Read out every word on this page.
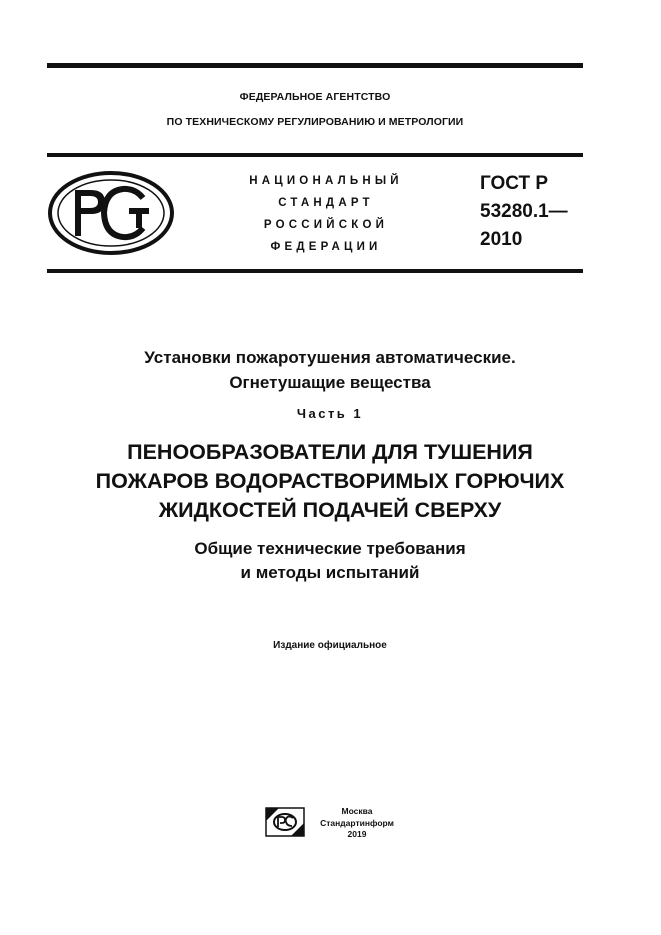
ФЕДЕРАЛЬНОЕ АГЕНТСТВО
ПО ТЕХНИЧЕСКОМУ РЕГУЛИРОВАНИЮ И МЕТРОЛОГИИ
НАЦИОНАЛЬНЫЙ
СТАНДАРТ
РОССИЙСКОЙ
ФЕДЕРАЦИИ
ГОСТ Р
53280.1—
2010
Установки пожаротушения автоматические.
Огнетушащие вещества
Часть 1
ПЕНООБРАЗОВАТЕЛИ ДЛЯ ТУШЕНИЯ
ПОЖАРОВ ВОДОРАСТВОРИМЫХ ГОРЮЧИХ
ЖИДКОСТЕЙ ПОДАЧЕЙ СВЕРХУ
Общие технические требования
и методы испытаний
Издание официальное
Москва
Стандартинформ
2019
